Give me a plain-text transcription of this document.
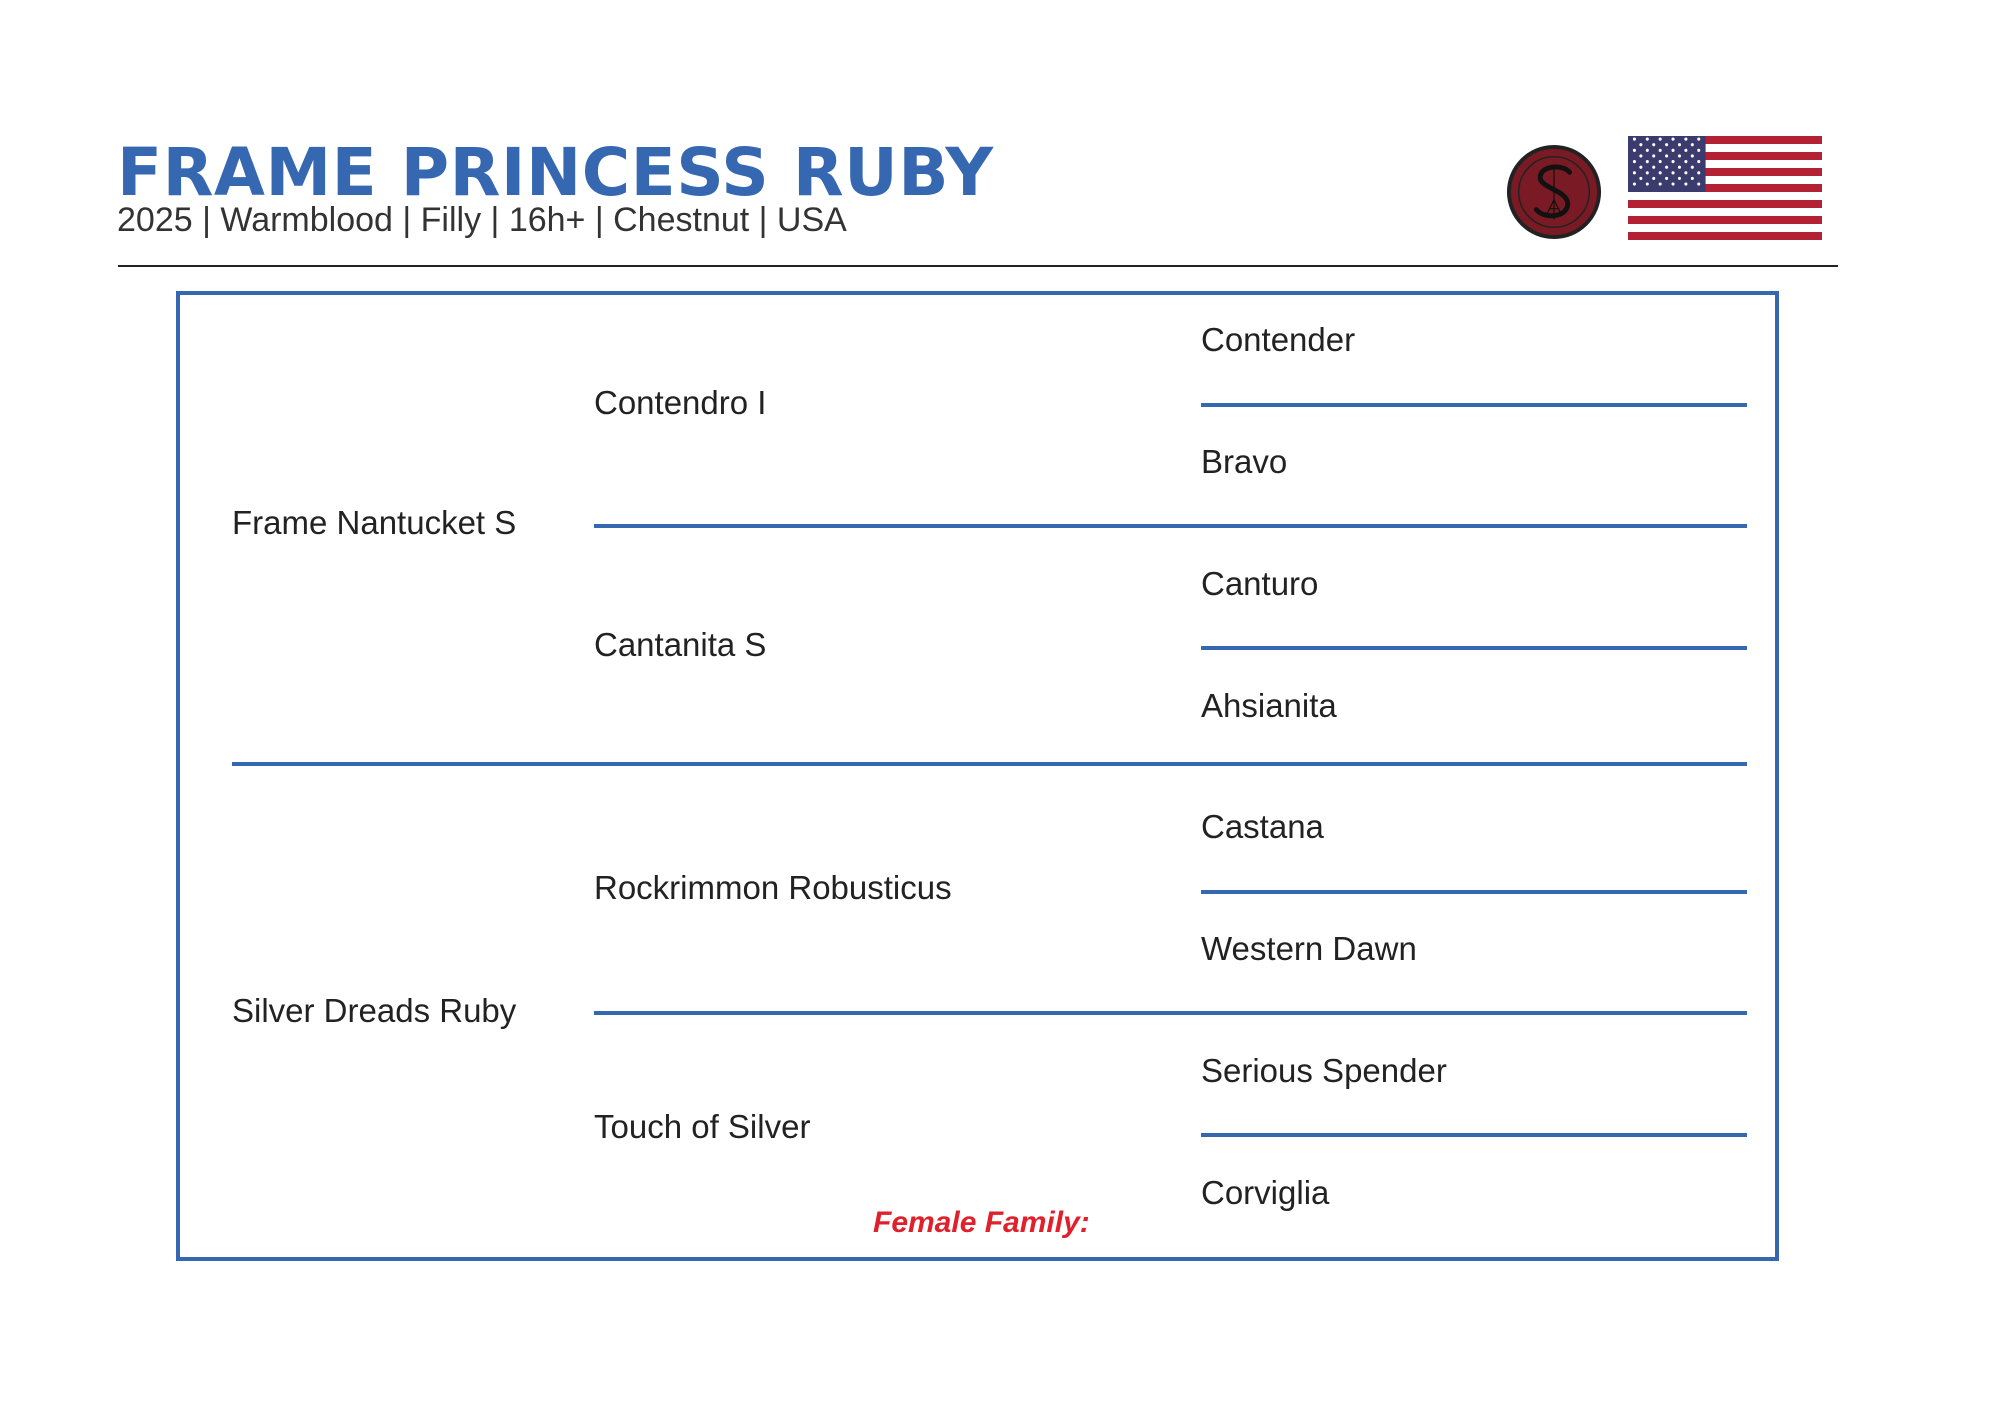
FRAME PRINCESS RUBY
2025 | Warmblood | Filly | 16h+ | Chestnut | USA
Frame Nantucket S
Silver Dreads Ruby
Contendro I
Cantanita S
Rockrimmon Robusticus
Touch of Silver
Contender
Bravo
Canturo
Ahsianita
Castana
Western Dawn
Serious Spender
Corviglia
Female Family:
